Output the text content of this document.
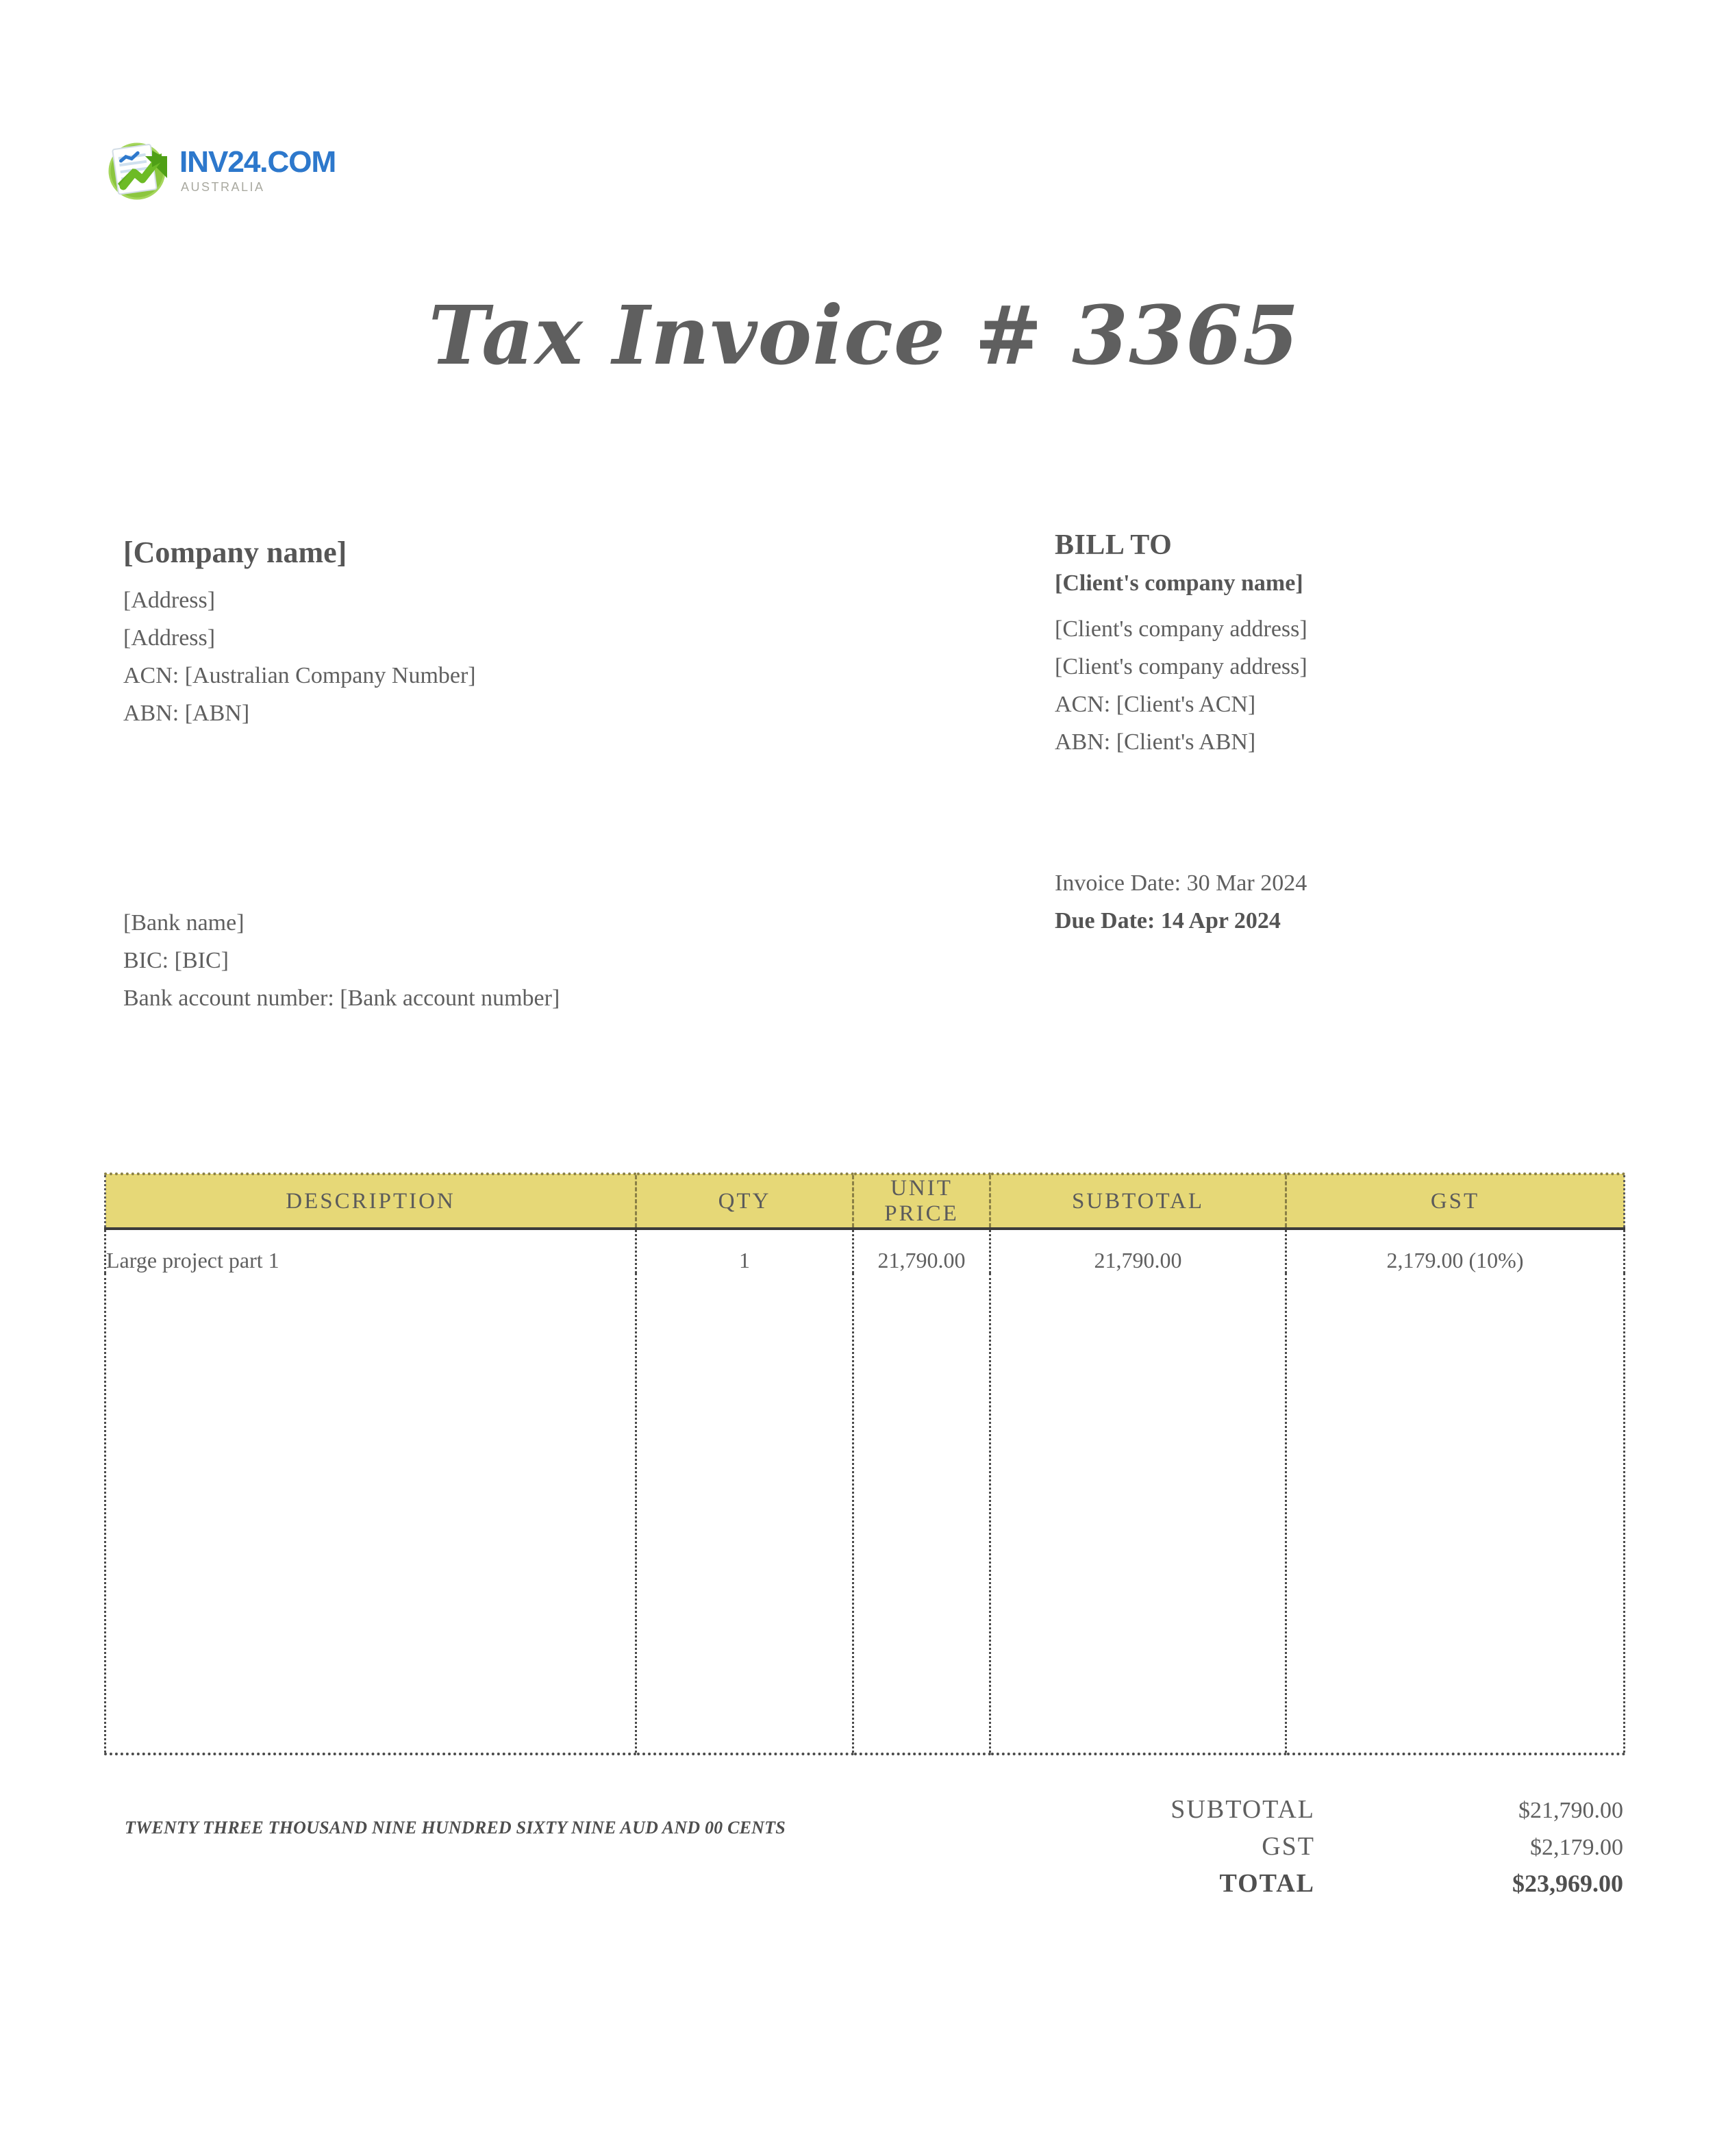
INV24.COM
AUSTRALIA
Tax Invoice # 3365
[Company name]
[Address]
[Address]
ACN: [Australian Company Number]
ABN: [ABN]
BILL TO
[Client's company name]
[Client's company address]
[Client's company address]
ACN: [Client's ACN]
ABN: [Client's ABN]
Invoice Date: 30 Mar 2024
Due Date: 14 Apr 2024
[Bank name]
BIC: [BIC]
Bank account number: [Bank account number]
DESCRIPTION	QTY	UNIT PRICE	SUBTOTAL	GST
Large project part 1	1	21,790.00	21,790.00	2,179.00 (10%)

TWENTY THREE THOUSAND NINE HUNDRED SIXTY NINE AUD AND 00 CENTS
SUBTOTAL	$21,790.00
GST	$2,179.00
TOTAL	$23,969.00
